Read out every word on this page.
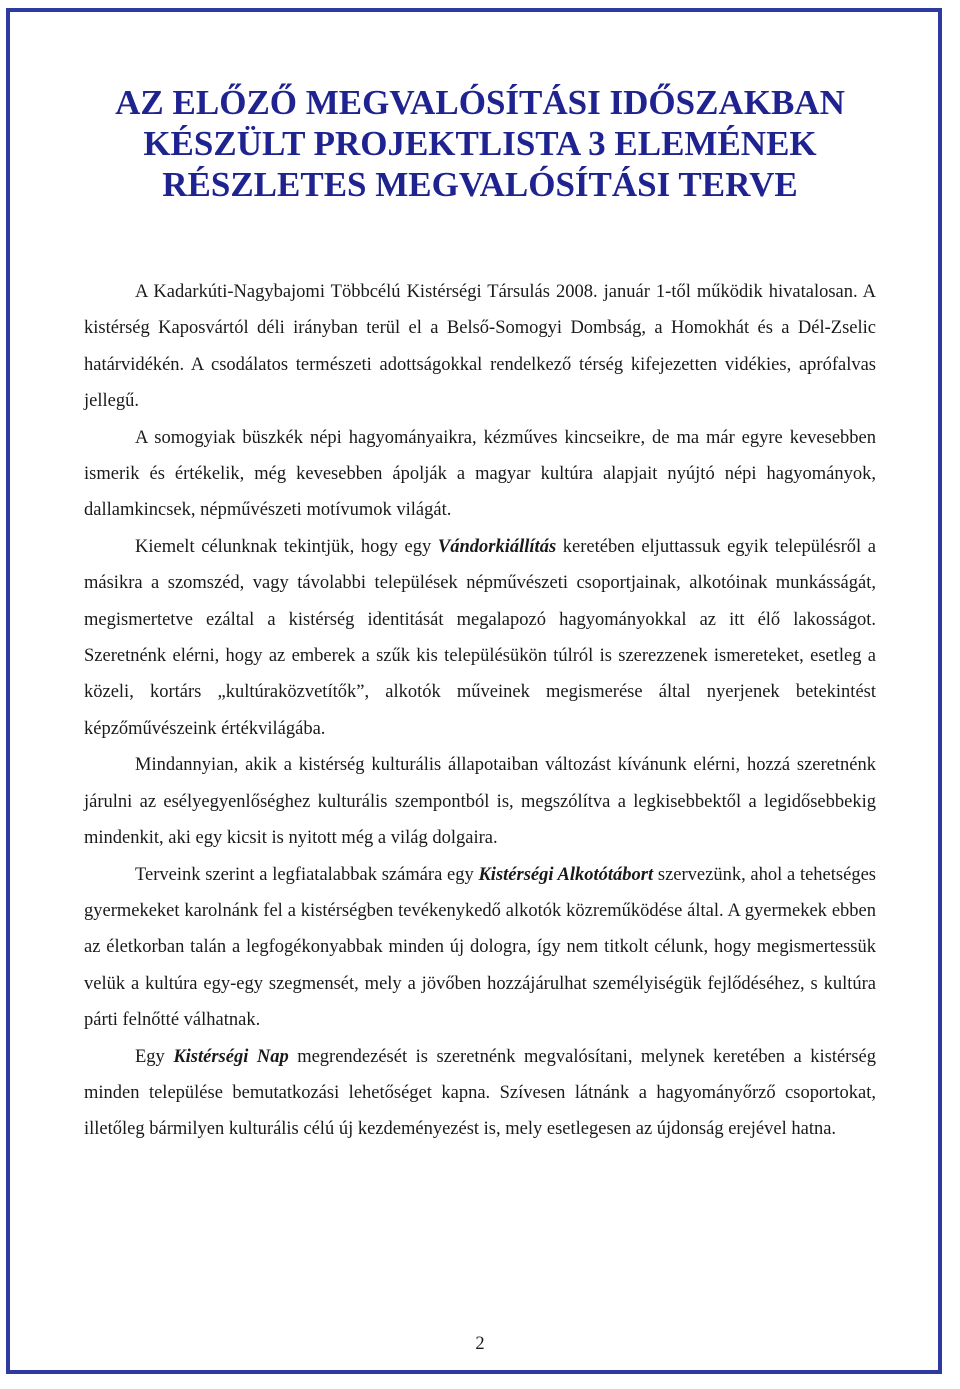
AZ ELŐZŐ MEGVALÓSÍTÁSI IDŐSZAKBAN
KÉSZÜLT PROJEKTLISTA 3 ELEMÉNEK
RÉSZLETES MEGVALÓSÍTÁSI TERVE

A Kadarkúti-Nagybajomi Többcélú Kistérségi Társulás 2008. január 1-től működik hivatalosan. A kistérség Kaposvártól déli irányban terül el a Belső-Somogyi Dombság, a Homokhát és a Dél-Zselic határvidékén. A csodálatos természeti adottságokkal rendelkező térség kifejezetten vidékies, aprófalvas jellegű.

A somogyiak büszkék népi hagyományaikra, kézműves kincseikre, de ma már egyre kevesebben ismerik és értékelik, még kevesebben ápolják a magyar kultúra alapjait nyújtó népi hagyományok, dallamkincsek, népművészeti motívumok világát.

Kiemelt célunknak tekintjük, hogy egy Vándorkiállítás keretében eljuttassuk egyik településről a másikra a szomszéd, vagy távolabbi települések népművészeti csoportjainak, alkotóinak munkásságát, megismertetve ezáltal a kistérség identitását megalapozó hagyományokkal az itt élő lakosságot. Szeretnénk elérni, hogy az emberek a szűk kis településükön túlról is szerezzenek ismereteket, esetleg a közeli, kortárs „kultúraközvetítők”, alkotók műveinek megismerése által nyerjenek betekintést képzőművészeink értékvilágába.

Mindannyian, akik a kistérség kulturális állapotaiban változást kívánunk elérni, hozzá szeretnénk járulni az esélyegyenlőséghez kulturális szempontból is, megszólítva a legkisebbektől a legidősebbekig mindenkit, aki egy kicsit is nyitott még a világ dolgaira.

Terveink szerint a legfiatalabbak számára egy Kistérségi Alkotótábort szervezünk, ahol a tehetséges gyermekeket karolnánk fel a kistérségben tevékenykedő alkotók közreműködése által. A gyermekek ebben az életkorban talán a legfogékonyabbak minden új dologra, így nem titkolt célunk, hogy megismertessük velük a kultúra egy-egy szegmensét, mely a jövőben hozzájárulhat személyiségük fejlődéséhez, s kultúra párti felnőtté válhatnak.

Egy Kistérségi Nap megrendezését is szeretnénk megvalósítani, melynek keretében a kistérség minden települése bemutatkozási lehetőséget kapna. Szívesen látnánk a hagyományőrző csoportokat, illetőleg bármilyen kulturális célú új kezdeményezést is, mely esetlegesen az újdonság erejével hatna.

2
